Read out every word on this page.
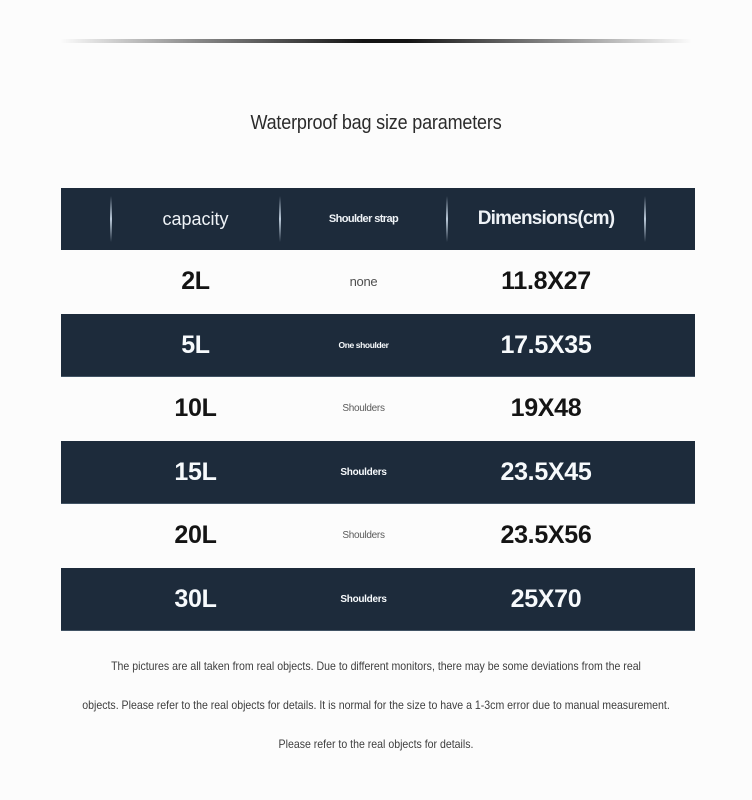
Waterproof bag size parameters
capacity	Shoulder strap	Dimensions(cm)
2L	none	11.8X27
5L	One shoulder	17.5X35
10L	Shoulders	19X48
15L	Shoulders	23.5X45
20L	Shoulders	23.5X56
30L	Shoulders	25X70

The pictures are all taken from real objects. Due to different monitors, there may be some deviations from the real

objects. Please refer to the real objects for details. It is normal for the size to have a 1-3cm error due to manual measurement.

Please refer to the real objects for details.
